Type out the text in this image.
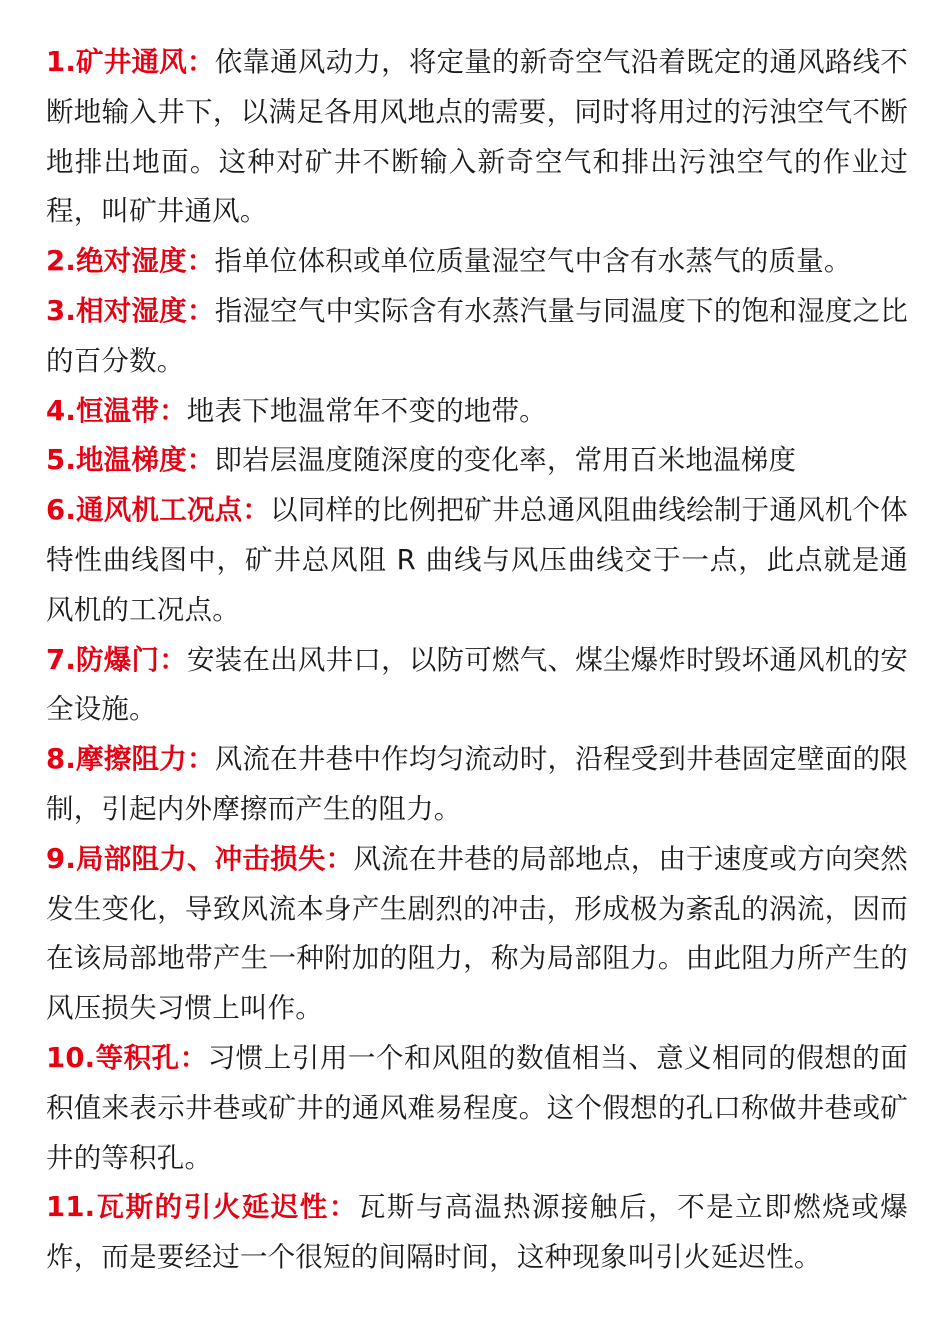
1.矿井通风：依靠通风动力，将定量的新奇空气沿着既定的通风路线不断地输入井下，以满足各用风地点的需要，同时将用过的污浊空气不断地排出地面。这种对矿井不断输入新奇空气和排出污浊空气的作业过程，叫矿井通风。

2.绝对湿度：指单位体积或单位质量湿空气中含有水蒸气的质量。

3.相对湿度：指湿空气中实际含有水蒸汽量与同温度下的饱和湿度之比的百分数。

4.恒温带：地表下地温常年不变的地带。

5.地温梯度：即岩层温度随深度的变化率，常用百米地温梯度

6.通风机工况点：以同样的比例把矿井总通风阻曲线绘制于通风机个体特性曲线图中，矿井总风阻 R 曲线与风压曲线交于一点，此点就是通风机的工况点。

7.防爆门：安装在出风井口，以防可燃气、煤尘爆炸时毁坏通风机的安全设施。

8.摩擦阻力：风流在井巷中作均匀流动时，沿程受到井巷固定壁面的限制，引起内外摩擦而产生的阻力。

9.局部阻力、冲击损失：风流在井巷的局部地点，由于速度或方向突然发生变化，导致风流本身产生剧烈的冲击，形成极为紊乱的涡流，因而在该局部地带产生一种附加的阻力，称为局部阻力。由此阻力所产生的风压损失习惯上叫作。

10.等积孔：习惯上引用一个和风阻的数值相当、意义相同的假想的面积值来表示井巷或矿井的通风难易程度。这个假想的孔口称做井巷或矿井的等积孔。

11.瓦斯的引火延迟性：瓦斯与高温热源接触后，不是立即燃烧或爆炸，而是要经过一个很短的间隔时间，这种现象叫引火延迟性。
